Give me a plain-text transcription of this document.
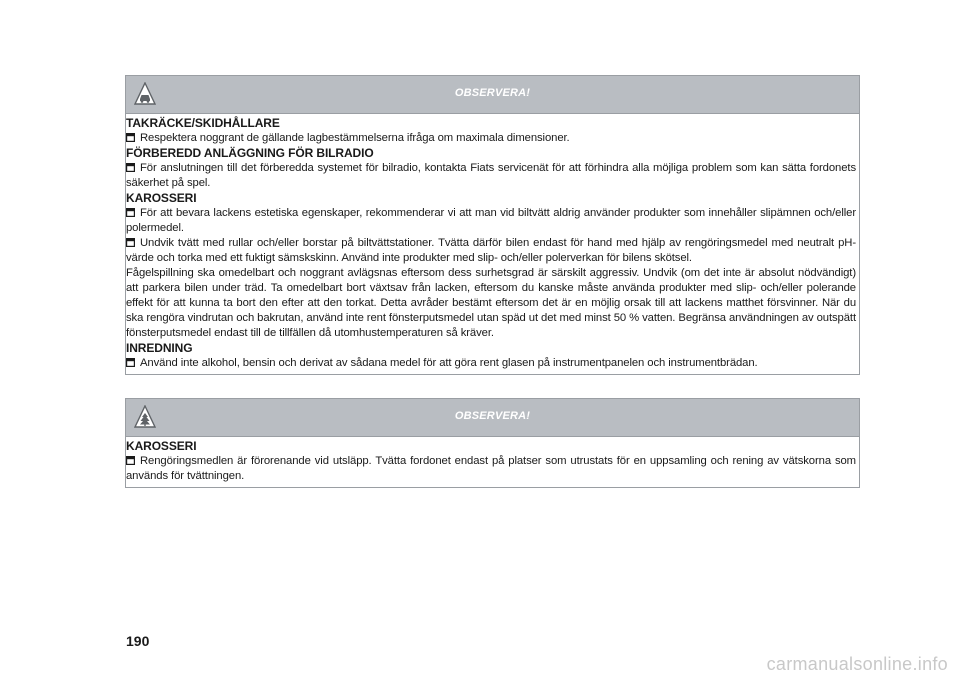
OBSERVERA!
TAKRÄCKE/SKIDHÅLLARE
Respektera noggrant de gällande lagbestämmelserna ifråga om maximala dimensioner.
FÖRBEREDD ANLÄGGNING FÖR BILRADIO
För anslutningen till det förberedda systemet för bilradio, kontakta Fiats servicenät för att förhindra alla möjliga problem som kan sätta fordonets säkerhet på spel.
KAROSSERI
För att bevara lackens estetiska egenskaper, rekommenderar vi att man vid biltvätt aldrig använder produkter som innehåller slipämnen och/eller polermedel.
Undvik tvätt med rullar och/eller borstar på biltvättstationer. Tvätta därför bilen endast för hand med hjälp av rengöringsmedel med neutralt pH-värde och torka med ett fuktigt sämskskinn. Använd inte produkter med slip- och/eller polerverkan för bilens skötsel.
Fågelspillning ska omedelbart och noggrant avlägsnas eftersom dess surhetsgrad är särskilt aggressiv. Undvik (om det inte är absolut nödvändigt) att parkera bilen under träd. Ta omedelbart bort växtsav från lacken, eftersom du kanske måste använda produkter med slip- och/eller polerande effekt för att kunna ta bort den efter att den torkat. Detta avråder bestämt eftersom det är en möjlig orsak till att lackens matthet försvinner. När du ska rengöra vindrutan och bakrutan, använd inte rent fönsterputsmedel utan späd ut det med minst 50 % vatten. Begränsa användningen av outspätt fönsterputsmedel endast till de tillfällen då utomhustemperaturen så kräver.
INREDNING
Använd inte alkohol, bensin och derivat av sådana medel för att göra rent glasen på instrumentpanelen och instrumentbrädan.
OBSERVERA!
KAROSSERI
Rengöringsmedlen är förorenande vid utsläpp. Tvätta fordonet endast på platser som utrustats för en uppsamling och rening av vätskorna som används för tvättningen.
190
carmanualsonline.info
